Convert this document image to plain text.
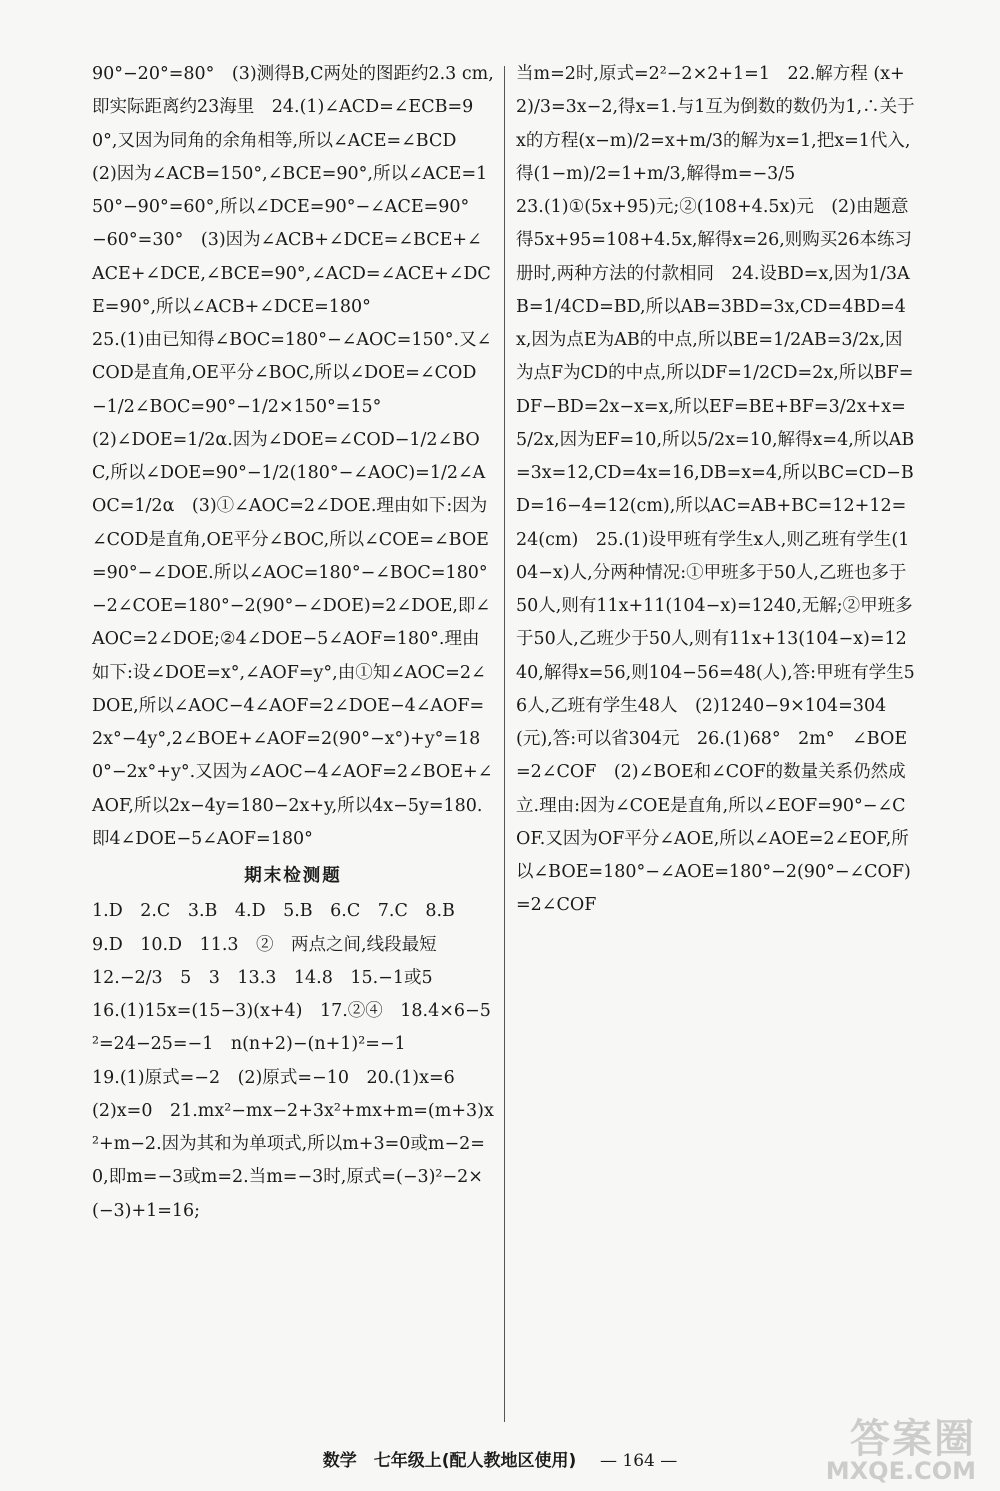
90°−20°=80°　(3)测得B,C两处的图距约2.3 cm,即实际距离约23海里　24.(1)∠ACD=∠ECB=90°,又因为同角的余角相等,所以∠ACE=∠BCD　(2)因为∠ACB=150°,∠BCE=90°,所以∠ACE=150°−90°=60°,所以∠DCE=90°−∠ACE=90°−60°=30°　(3)因为∠ACB+∠DCE=∠BCE+∠ACE+∠DCE,∠BCE=90°,∠ACD=∠ACE+∠DCE=90°,所以∠ACB+∠DCE=180°

25.(1)由已知得∠BOC=180°−∠AOC=150°.又∠COD是直角,OE平分∠BOC,所以∠DOE=∠COD−1/2∠BOC=90°−1/2×150°=15°

(2)∠DOE=1/2α.因为∠DOE=∠COD−1/2∠BOC,所以∠DOE=90°−1/2(180°−∠AOC)=1/2∠AOC=1/2α　(3)①∠AOC=2∠DOE.理由如下:因为∠COD是直角,OE平分∠BOC,所以∠COE=∠BOE=90°−∠DOE.所以∠AOC=180°−∠BOC=180°−2∠COE=180°−2(90°−∠DOE)=2∠DOE,即∠AOC=2∠DOE;②4∠DOE−5∠AOF=180°.理由如下:设∠DOE=x°,∠AOF=y°,由①知∠AOC=2∠DOE,所以∠AOC−4∠AOF=2∠DOE−4∠AOF=2x°−4y°,2∠BOE+∠AOF=2(90°−x°)+y°=180°−2x°+y°.又因为∠AOC−4∠AOF=2∠BOE+∠AOF,所以2x−4y=180−2x+y,所以4x−5y=180.即4∠DOE−5∠AOF=180°

期末检测题

1.D　2.C　3.B　4.D　5.B　6.C　7.C　8.B

9.D　10.D　11.3　②　两点之间,线段最短

12.−2/3　5　3　13.3　14.8　15.−1或5

16.(1)15x=(15−3)(x+4)　17.②④　18.4×6−5²=24−25=−1　n(n+2)−(n+1)²=−1

19.(1)原式=−2　(2)原式=−10　20.(1)x=6　(2)x=0　21.mx²−mx−2+3x²+mx+m=(m+3)x²+m−2.因为其和为单项式,所以m+3=0或m−2=0,即m=−3或m=2.当m=−3时,原式=(−3)²−2×(−3)+1=16;

当m=2时,原式=2²−2×2+1=1　22.解方程 (x+2)/3=3x−2,得x=1.与1互为倒数的数仍为1,∴关于x的方程(x−m)/2=x+m/3的解为x=1,把x=1代入,得(1−m)/2=1+m/3,解得m=−3/5

23.(1)①(5x+95)元;②(108+4.5x)元　(2)由题意得5x+95=108+4.5x,解得x=26,则购买26本练习册时,两种方法的付款相同　24.设BD=x,因为1/3AB=1/4CD=BD,所以AB=3BD=3x,CD=4BD=4x,因为点E为AB的中点,所以BE=1/2AB=3/2x,因为点F为CD的中点,所以DF=1/2CD=2x,所以BF=DF−BD=2x−x=x,所以EF=BE+BF=3/2x+x=5/2x,因为EF=10,所以5/2x=10,解得x=4,所以AB=3x=12,CD=4x=16,DB=x=4,所以BC=CD−BD=16−4=12(cm),所以AC=AB+BC=12+12=24(cm)　25.(1)设甲班有学生x人,则乙班有学生(104−x)人,分两种情况:①甲班多于50人,乙班也多于50人,则有11x+11(104−x)=1240,无解;②甲班多于50人,乙班少于50人,则有11x+13(104−x)=1240,解得x=56,则104−56=48(人),答:甲班有学生56人,乙班有学生48人　(2)1240−9×104=304(元),答:可以省304元　26.(1)68°　2m°　∠BOE=2∠COF　(2)∠BOE和∠COF的数量关系仍然成立.理由:因为∠COE是直角,所以∠EOF=90°−∠COF.又因为OF平分∠AOE,所以∠AOE=2∠EOF,所以∠BOE=180°−∠AOE=180°−2(90°−∠COF)=2∠COF

数学　七年级上(配人教地区使用) — 164 —	答案圈
MXQE.COM
